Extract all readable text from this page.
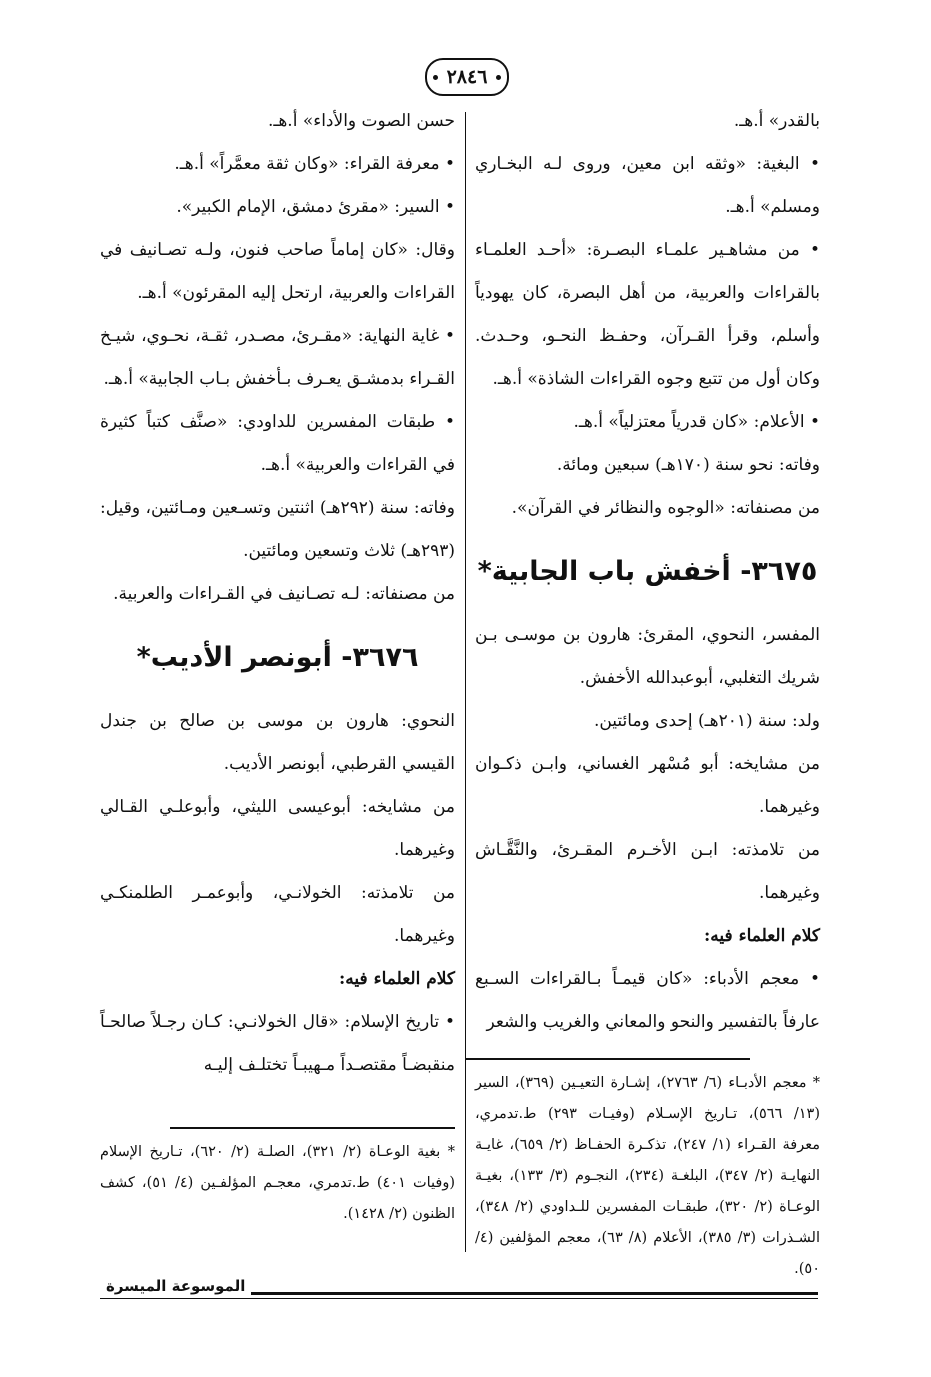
٢٨٤٦

بالقدر» أ.هـ.

• البغية: «وثقه ابن معين، وروى لـه البخـاري ومسلم» أ.هـ.

• من مشاهـير علمـاء البصـرة: «أحـد العلمـاء بالقراءات والعربية، من أهل البصرة، كان يهودياً وأسلم، وقرأ القـرآن، وحفـظ النحـو، وحـدث. وكان أول من تتبع وجوه القراءات الشاذة» أ.هـ.

• الأعلام: «كان قدرياً معتزلياً» أ.هـ.

وفاته: نحو سنة (١٧٠هـ) سبعين ومائة.

من مصنفاته: «الوجوه والنظائر في القرآن».

٣٦٧٥- أخفش باب الجابية*

المفسر، النحوي، المقرئ: هارون بن موسـى بـن شريك التغلبي، أبوعبدالله الأخفش.

ولد: سنة (٢٠١هـ) إحدى ومائتين.

من مشايخه: أبو مُسْهر الغساني، وابـن ذكـوان وغيرهما.

من تلامذته: ابـن الأخـرم المقـرئ، والنَّقَّـاش وغيرهما.

كلام العلماء فيه:

• معجم الأدباء: «كان قيمـاً بـالقراءات السـبع عارفاً بالتفسير والنحو والمعاني والغريب والشعر

* معجم الأدبـاء (٦/ ٢٧٦٣)، إشـارة التعيـين (٣٦٩)، السير (١٣/ ٥٦٦)، تـاريخ الإسـلام (وفيـات ٢٩٣) ط.تدمري، معرفة القـراء (١/ ٢٤٧)، تذكـرة الحفـاظ (٢/ ٦٥٩)، غايـة النهايـة (٢/ ٣٤٧)، البلغـة (٢٣٤)، النجـوم (٣/ ١٣٣)، بغيـة الوعـاة (٢/ ٣٢٠)، طبقـات المفسرين للـداودي (٢/ ٣٤٨)، الشـذرات (٣/ ٣٨٥)، الأعلام (٨/ ٦٣)، معجم المؤلفين (٤/ ٥٠).

حسن الصوت والأداء» أ.هـ.

• معرفة القراء: «وكان ثقة معمَّراً» أ.هـ.

• السير: «مقرئ دمشق، الإمام الكبير».

وقال: «كان إماماً صاحب فنون، ولـه تصـانيف في القراءات والعربية، ارتحل إليه المقرئون» أ.هـ.

• غاية النهاية: «مقـرئ، مصـدر، ثقـة، نحـوي، شيـخ القـراء بدمشـق يعـرف بـأخفش بـاب الجابية» أ.هـ.

• طبقات المفسرين للداودي: «صنَّف كتباً كثيرة في القراءات والعربية» أ.هـ.

وفاته: سنة (٢٩٢هـ) اثنتين وتسـعين ومـائتين، وقيل: (٢٩٣هـ) ثلاث وتسعين ومائتين.

من مصنفاته: لـه تصـانيف في القـراءات والعربية.

٣٦٧٦- أبونصر الأديب*

النحوي: هارون بن موسى بن صالح بن جندل القيسي القرطبي، أبونصر الأديب.

من مشايخه: أبوعيسى الليثي، وأبوعلـي القـالي وغيرهما.

من تلامذته: الخولانـي، وأبوعمـر الطلمنكـي وغيرهما.

كلام العلماء فيه:

• تاريخ الإسلام: «قال الخولانـي: كـان رجـلاً صالحـاً منقبضـاً مقتصـداً مـهيبـاً تختلـف إليـه

* بغية الوعـاة (٢/ ٣٢١)، الصلـة (٢/ ٦٢٠)، تـاريخ الإسلام (وفيات ٤٠١) ط.تدمري، معجـم المؤلفـين (٤/ ٥١)، كشف الظنون (٢/ ١٤٢٨).

الموسوعة الميسرة
